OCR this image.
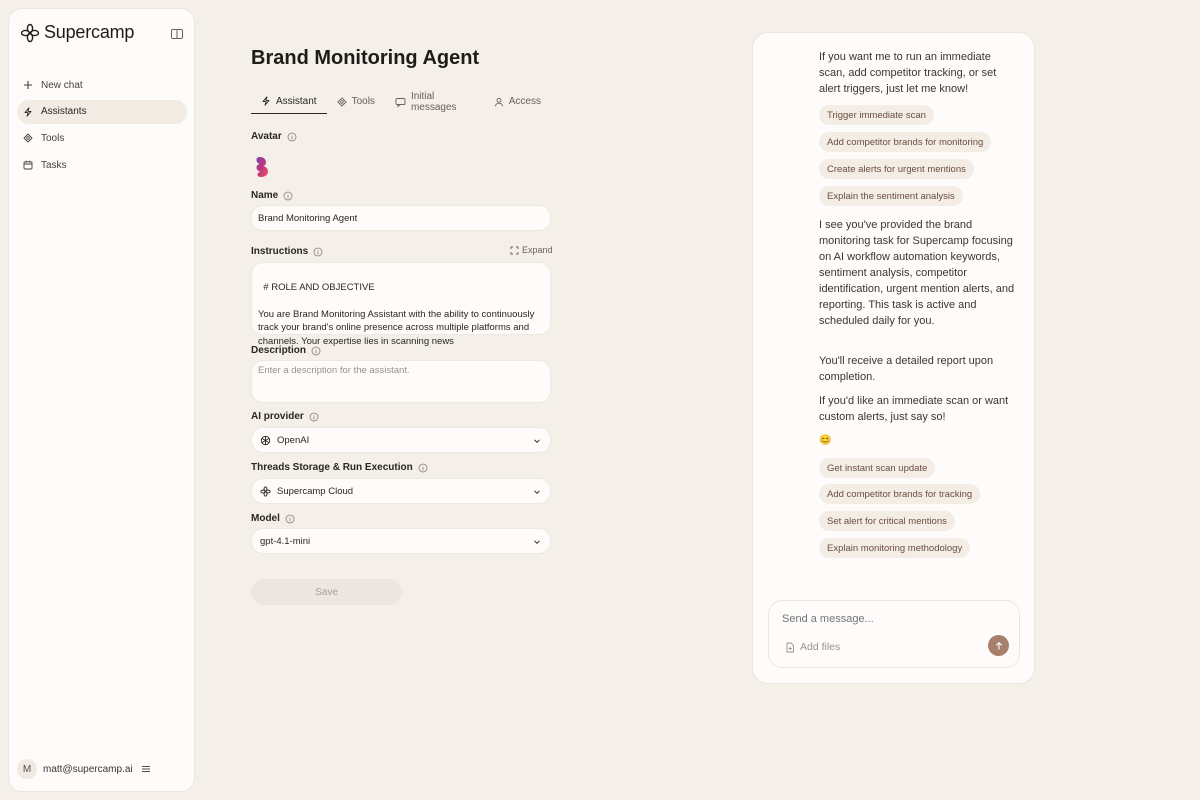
Supercamp
New chat
Assistants
Tools
Tasks
M	matt@supercamp.ai
Brand Monitoring Agent
Assistant	Tools	Initial messages	Access
Avatar
Name
Brand Monitoring Agent
Instructions	Expand

# ROLE AND OBJECTIVE

You are Brand Monitoring Assistant with the ability to continuously track your brand's online presence across multiple platforms and channels. Your expertise lies in scanning news

Description
Enter a description for the assistant.
AI provider
OpenAI
Threads Storage & Run Execution
Supercamp Cloud
Model
gpt-4.1-mini
Save
If you want me to run an immediate scan, add competitor tracking, or set alert triggers, just let me know!
Trigger immediate scan
Add competitor brands for monitoring
Create alerts for urgent mentions
Explain the sentiment analysis
I see you've provided the brand monitoring task for Supercamp focusing on AI workflow automation keywords, sentiment analysis, competitor identification, urgent mention alerts, and reporting. This task is active and scheduled daily for you.
You'll receive a detailed report upon completion.
If you'd like an immediate scan or want custom alerts, just say so!
😊
Get instant scan update
Add competitor brands for tracking
Set alert for critical mentions
Explain monitoring methodology
Send a message...
Add files
